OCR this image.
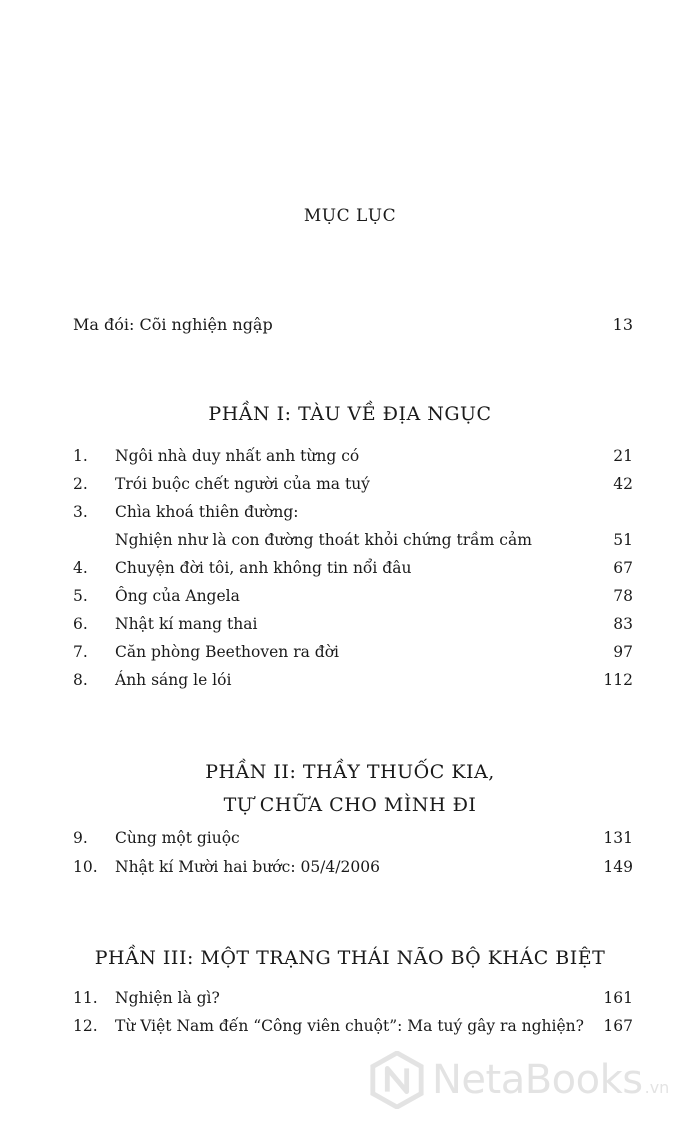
MỤC LỤC
Ma đói: Cõi nghiện ngập	13
PHẦN I: TÀU VỀ ĐỊA NGỤC
1. Ngôi nhà duy nhất anh từng có	21
2. Trói buộc chết người của ma tuý	42
3. Chìa khoá thiên đường:
Nghiện như là con đường thoát khỏi chứng trầm cảm	51
4. Chuyện đời tôi, anh không tin nổi đâu	67
5. Ông của Angela	78
6. Nhật kí mang thai	83
7. Căn phòng Beethoven ra đời	97
8. Ánh sáng le lói	112
PHẦN II: THẦY THUỐC KIA,
TỰ CHỮA CHO MÌNH ĐI
9. Cùng một giuộc	131
10. Nhật kí Mười hai bước: 05/4/2006	149
PHẦN III: MỘT TRẠNG THÁI NÃO BỘ KHÁC BIỆT
11. Nghiện là gì?	161
12. Từ Việt Nam đến “Công viên chuột”: Ma tuý gây ra nghiện? 167
NetaBooks .vn
